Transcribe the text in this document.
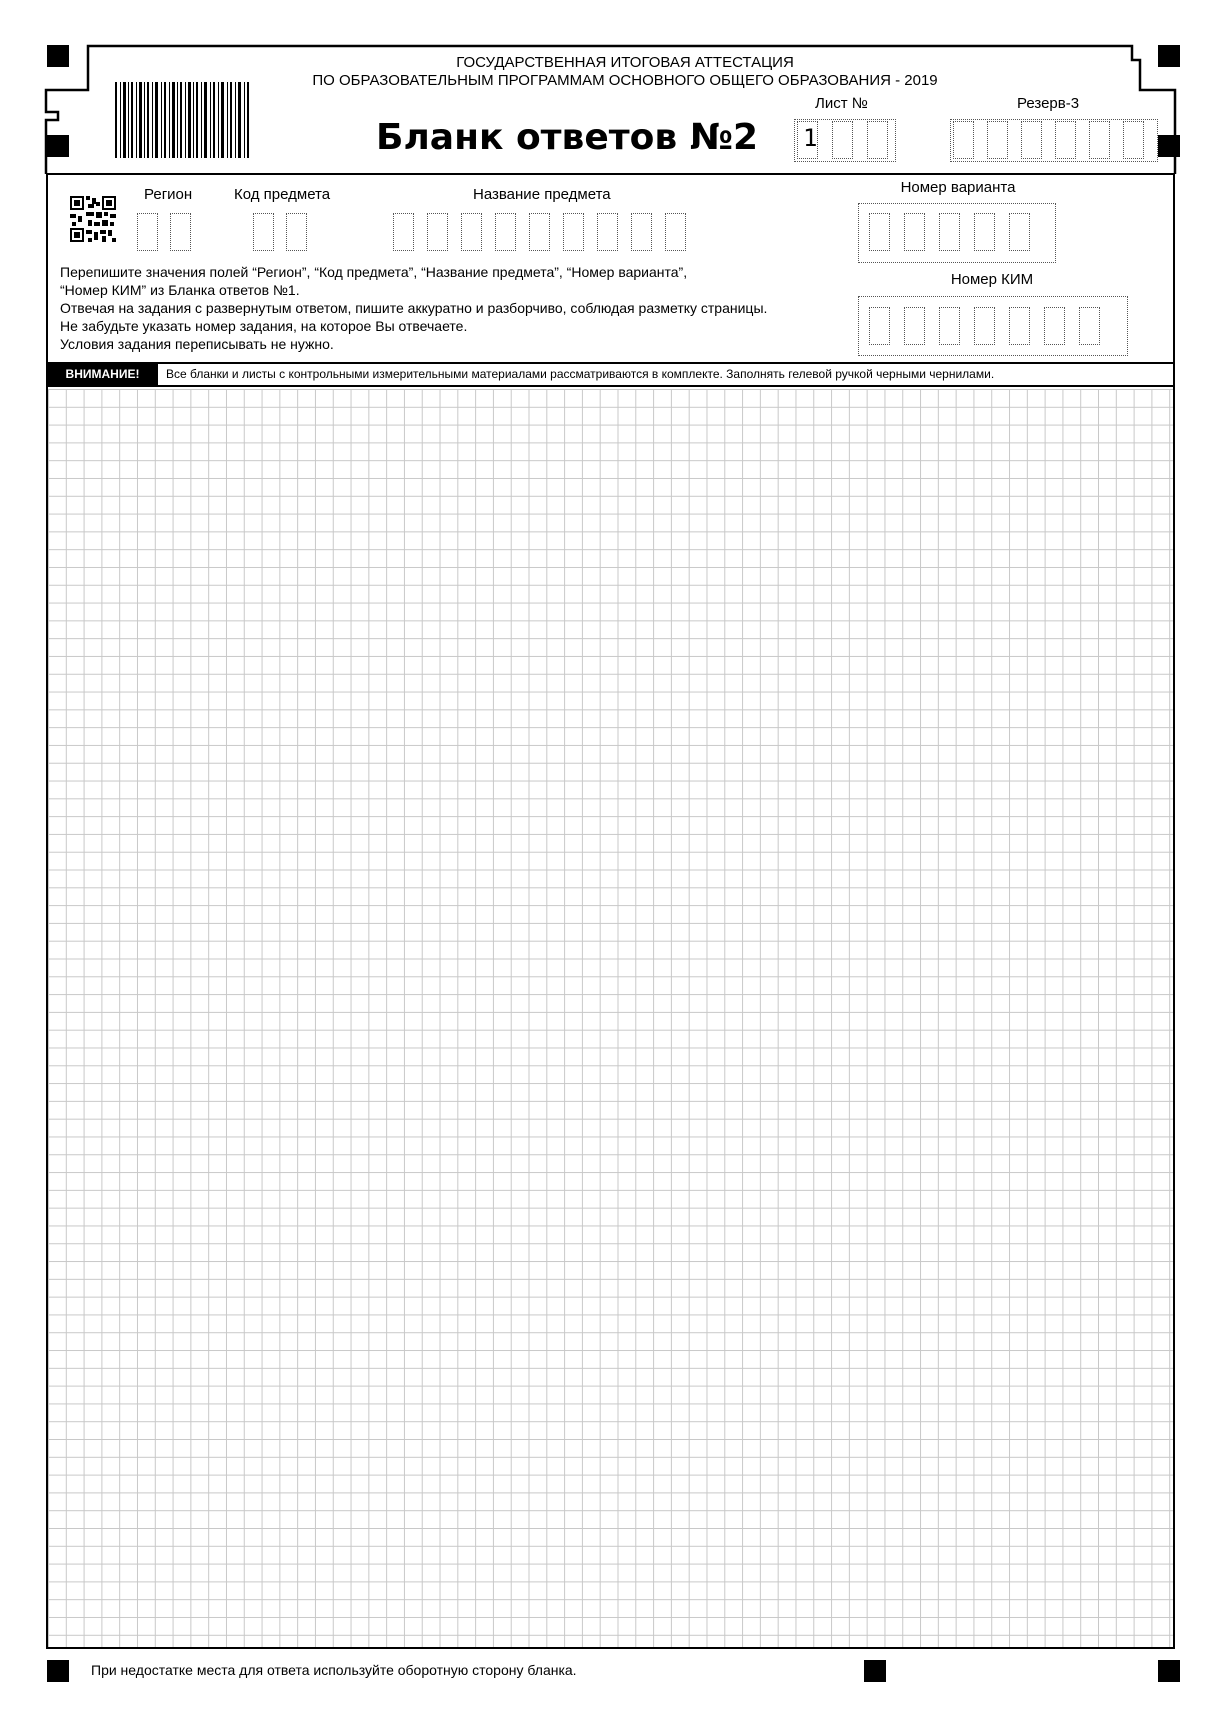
ГОСУДАРСТВЕННАЯ ИТОГОВАЯ АТТЕСТАЦИЯ
ПО ОБРАЗОВАТЕЛЬНЫМ ПРОГРАММАМ ОСНОВНОГО ОБЩЕГО ОБРАЗОВАНИЯ - 2019
Бланк ответов №2
Лист №
1
Резерв-3
Регион	Код предмета	Название предмета	Номер варианта
Номер КИМ
Перепишите значения полей “Регион”, “Код предмета”, “Название предмета”, “Номер варианта”,
“Номер КИМ” из Бланка ответов №1.
Отвечая на задания с развернутым ответом, пишите аккуратно и разборчиво, соблюдая разметку страницы.
Не забудьте указать номер задания, на которое Вы отвечаете.
Условия задания переписывать не нужно.
ВНИМАНИЕ!	Все бланки и листы с контрольными измерительными материалами рассматриваются в комплекте. Заполнять гелевой ручкой черными чернилами.
При недостатке места для ответа используйте оборотную сторону бланка.
